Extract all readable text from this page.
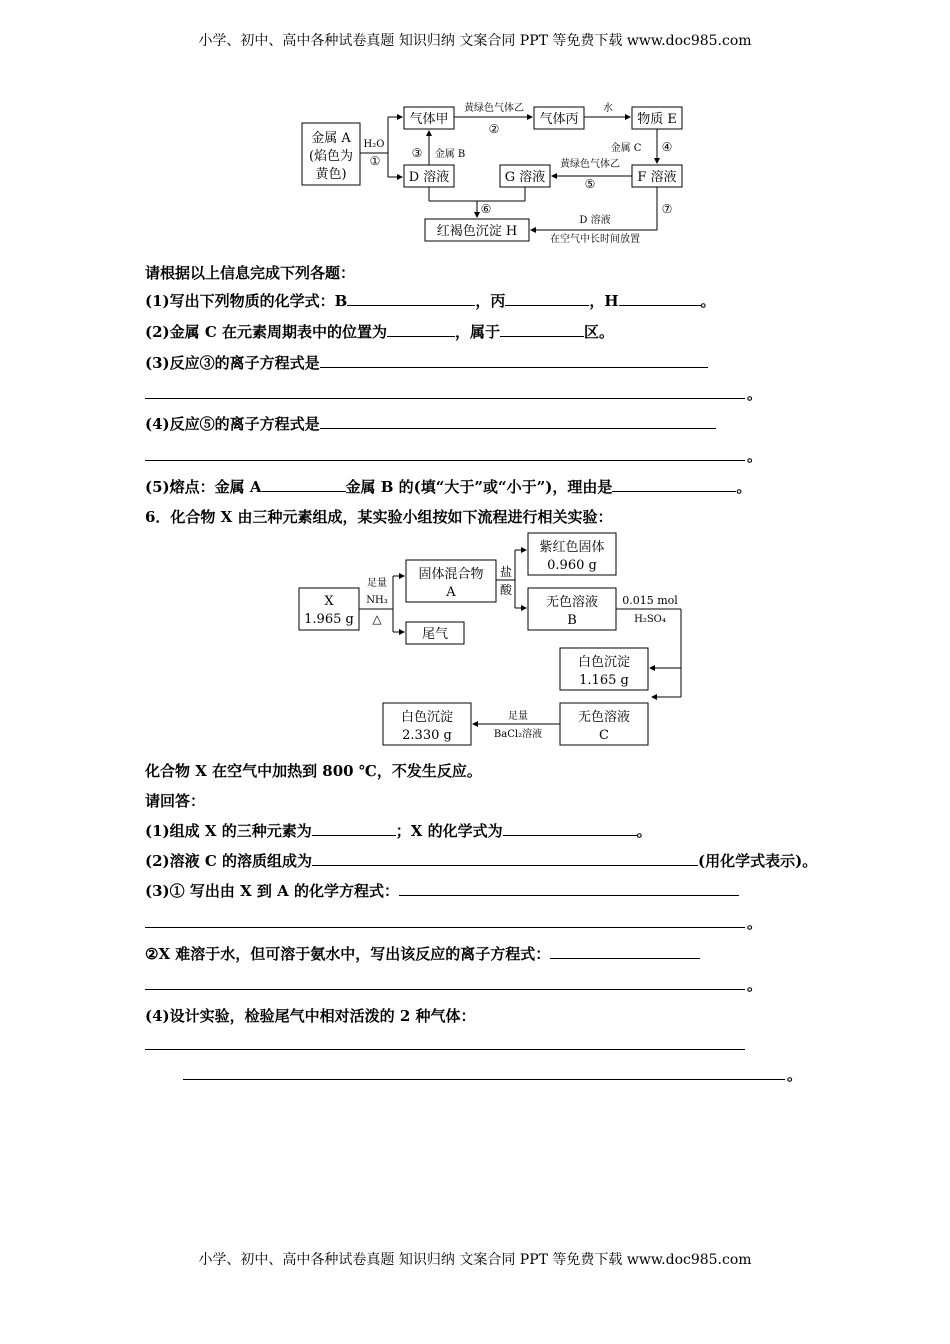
小学、初中、高中各种试卷真题 知识归纳 文案合同 PPT 等免费下载 www.doc985.com
金属 A
(焰色为
黄色)
H₂O
①
气体甲
黄绿色气体乙
②
气体丙
水
物质 E
金属 C ④
③ 金属 B
D 溶液	G 溶液	F 溶液
黄绿色气体乙
⑤
⑥
红褐色沉淀 H
⑦
D 溶液
在空气中长时间放置
请根据以上信息完成下列各题：
(1)写出下列物质的化学式：B	，丙	，H	。
(2)金属 C 在元素周期表中的位置为	，属于	区。
(3)反应③的离子方程式是
。
(4)反应⑤的离子方程式是
。
(5)熔点：金属 A	金属 B 的(填“大于”或“小于”)，理由是	。
6．化合物 X 由三种元素组成，某实验小组按如下流程进行相关实验：
X
1.965 g
足量
NH₃
△
固体混合物
A
尾气
盐
酸
紫红色固体
0.960 g
无色溶液
B
0.015 mol
H₂SO₄
白色沉淀
1.165 g
无色溶液
C
足量
BaCl₂溶液
白色沉淀
2.330 g
化合物 X 在空气中加热到 800 ℃，不发生反应。
请回答：
(1)组成 X 的三种元素为	；X 的化学式为	。
(2)溶液 C 的溶质组成为	(用化学式表示)。
(3)① 写出由 X 到 A 的化学方程式：
。
②X 难溶于水，但可溶于氨水中，写出该反应的离子方程式：
。
(4)设计实验，检验尾气中相对活泼的 2 种气体：
。
小学、初中、高中各种试卷真题 知识归纳 文案合同 PPT 等免费下载 www.doc985.com
